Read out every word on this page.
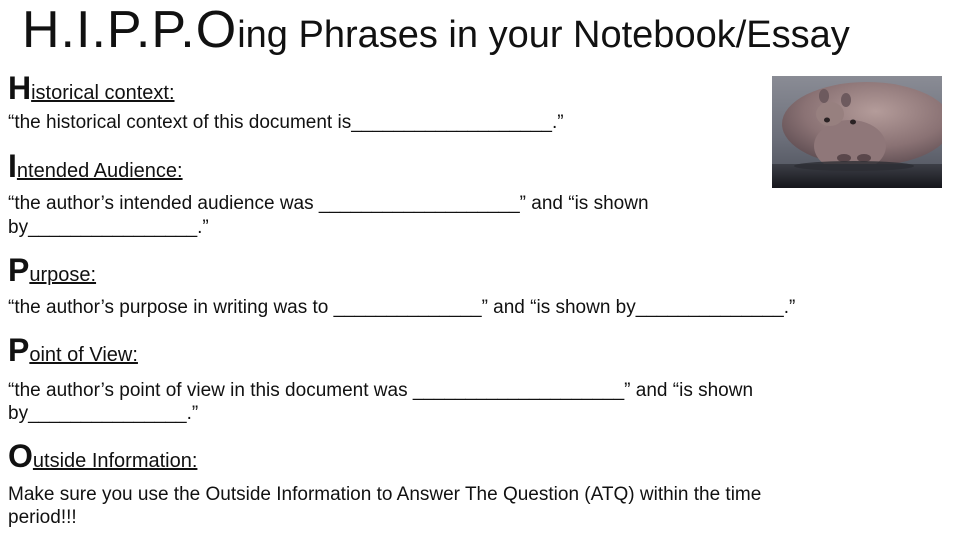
H.I.P.P.Oing Phrases in your Notebook/Essay
Historical context:
“the historical context of this document is___________________.”
Intended Audience:
“the author’s intended audience was ___________________” and “is shown
by________________.”
Purpose:
“the author’s purpose in writing was to ______________” and “is shown by______________.”
Point of View:
“the author’s point of view in this document was ____________________” and “is shown
by_______________.”
Outside Information:
Make sure you use the Outside Information to Answer The Question (ATQ) within the time
period!!!
